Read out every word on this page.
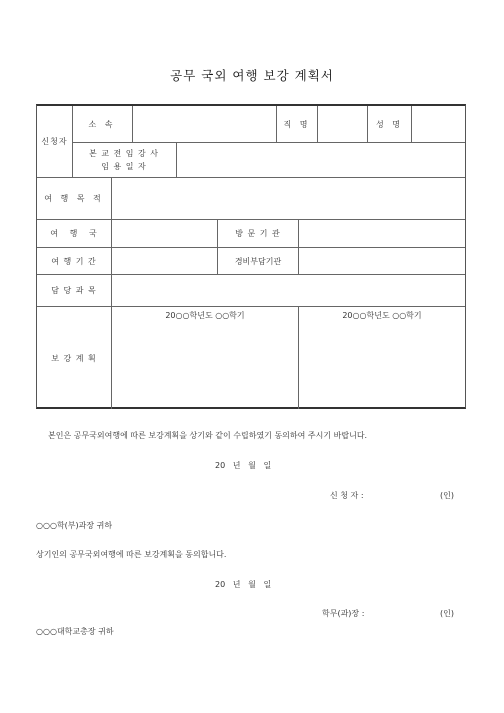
공무 국외 여행 보강 계획서
신청자
소 속	직 명	성 명
본 교 전 임 강 사
임 용 일 자
여 행 목 적
여   행   국	방 문 기 관
여 행 기 간	경비부담기관
담 당 과 목
보 강 계 획
20○○학년도 ○○학기	20○○학년도 ○○학기
본인은 공무국외여행에 따른 보강계획을 상기와 같이 수립하였기 동의하여 주시기 바랍니다.
20   년   월   일
신 청 자 :	(인)
○○○학(부)과장 귀하
상기인의 공무국외여행에 따른 보강계획을 동의합니다.
20   년   월   일
학무(과)장 :	(인)
○○○대학교총장 귀하
